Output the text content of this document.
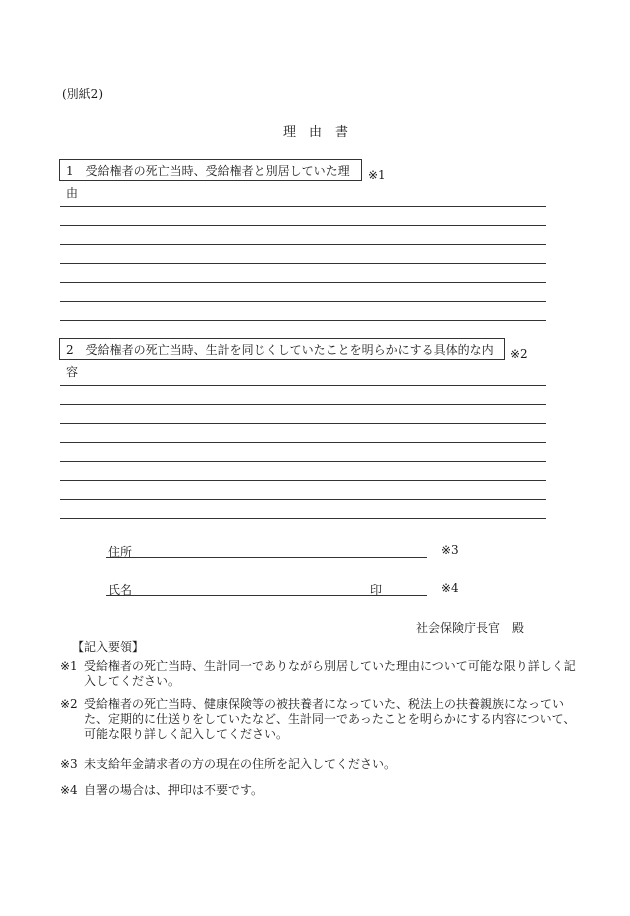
(別紙2)
理　由　書
1　受給権者の死亡当時、受給権者と別居していた理由
※1
2　受給権者の死亡当時、生計を同じくしていたことを明らかにする具体的な内容
※2
住所	※3
氏名	印	※4
社会保険庁長官　殿
【記入要領】
※1 受給権者の死亡当時、生計同一でありながら別居していた理由について可能な限り詳しく記入してください。
※2 受給権者の死亡当時、健康保険等の被扶養者になっていた、税法上の扶養親族になっていた、定期的に仕送りをしていたなど、生計同一であったことを明らかにする内容について、可能な限り詳しく記入してください。
※3 未支給年金請求者の方の現在の住所を記入してください。
※4 自署の場合は、押印は不要です。
